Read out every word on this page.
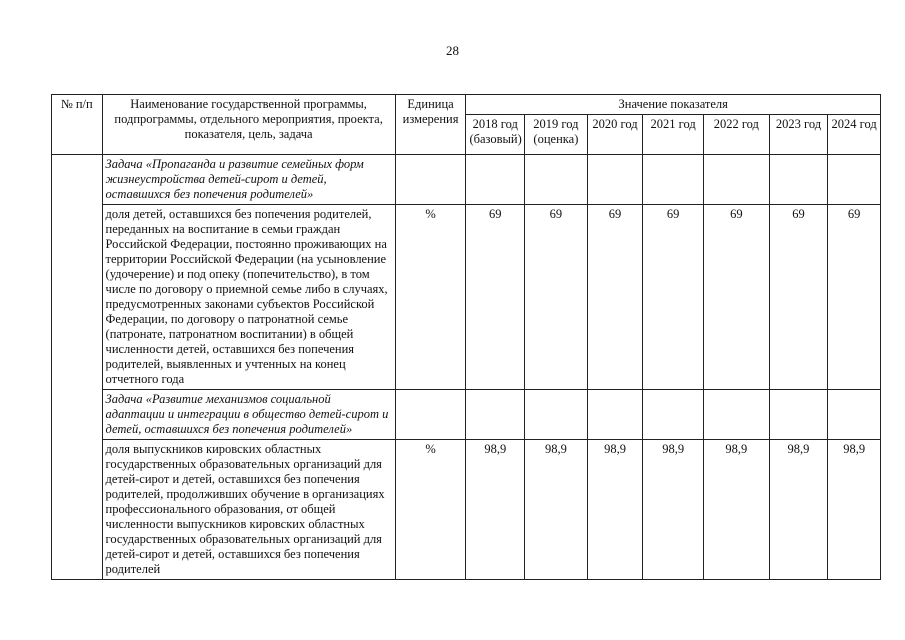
28
№ п/п	Наименование государственной программы, подпрограммы, отдельного мероприятия, проекта, показателя, цель, задача	Единица измерения	Значение показателя						
			2018 год (базовый)	2019 год (оценка)	2020 год	2021 год	2022 год	2023 год	2024 год
	Задача «Пропаганда и развитие семейных форм жизнеустройства детей-сирот и детей, оставшихся без попечения родителей»								
	доля детей, оставшихся без попечения родителей, переданных на воспитание в семьи граждан Российской Федерации, постоянно проживающих на территории Российской Федерации (на усыновление (удочерение) и под опеку (попечительство), в том числе по договору о приемной семье либо в случаях, предусмотренных законами субъектов Российской Федерации, по договору о патронатной семье (патронате, патронатном воспитании) в общей численности детей, оставшихся без попечения родителей, выявленных и учтенных на конец отчетного года	%	69	69	69	69	69	69	69
	Задача «Развитие механизмов социальной адаптации и интеграции в общество детей-сирот и детей, оставшихся без попечения родителей»								
	доля выпускников кировских областных государственных образовательных организаций для детей-сирот и детей, оставшихся без попечения родителей, продолживших обучение в организациях профессионального образования, от общей численности выпускников кировских областных государственных образовательных организаций для детей-сирот и детей, оставшихся без попечения родителей	%	98,9	98,9	98,9	98,9	98,9	98,9	98,9
